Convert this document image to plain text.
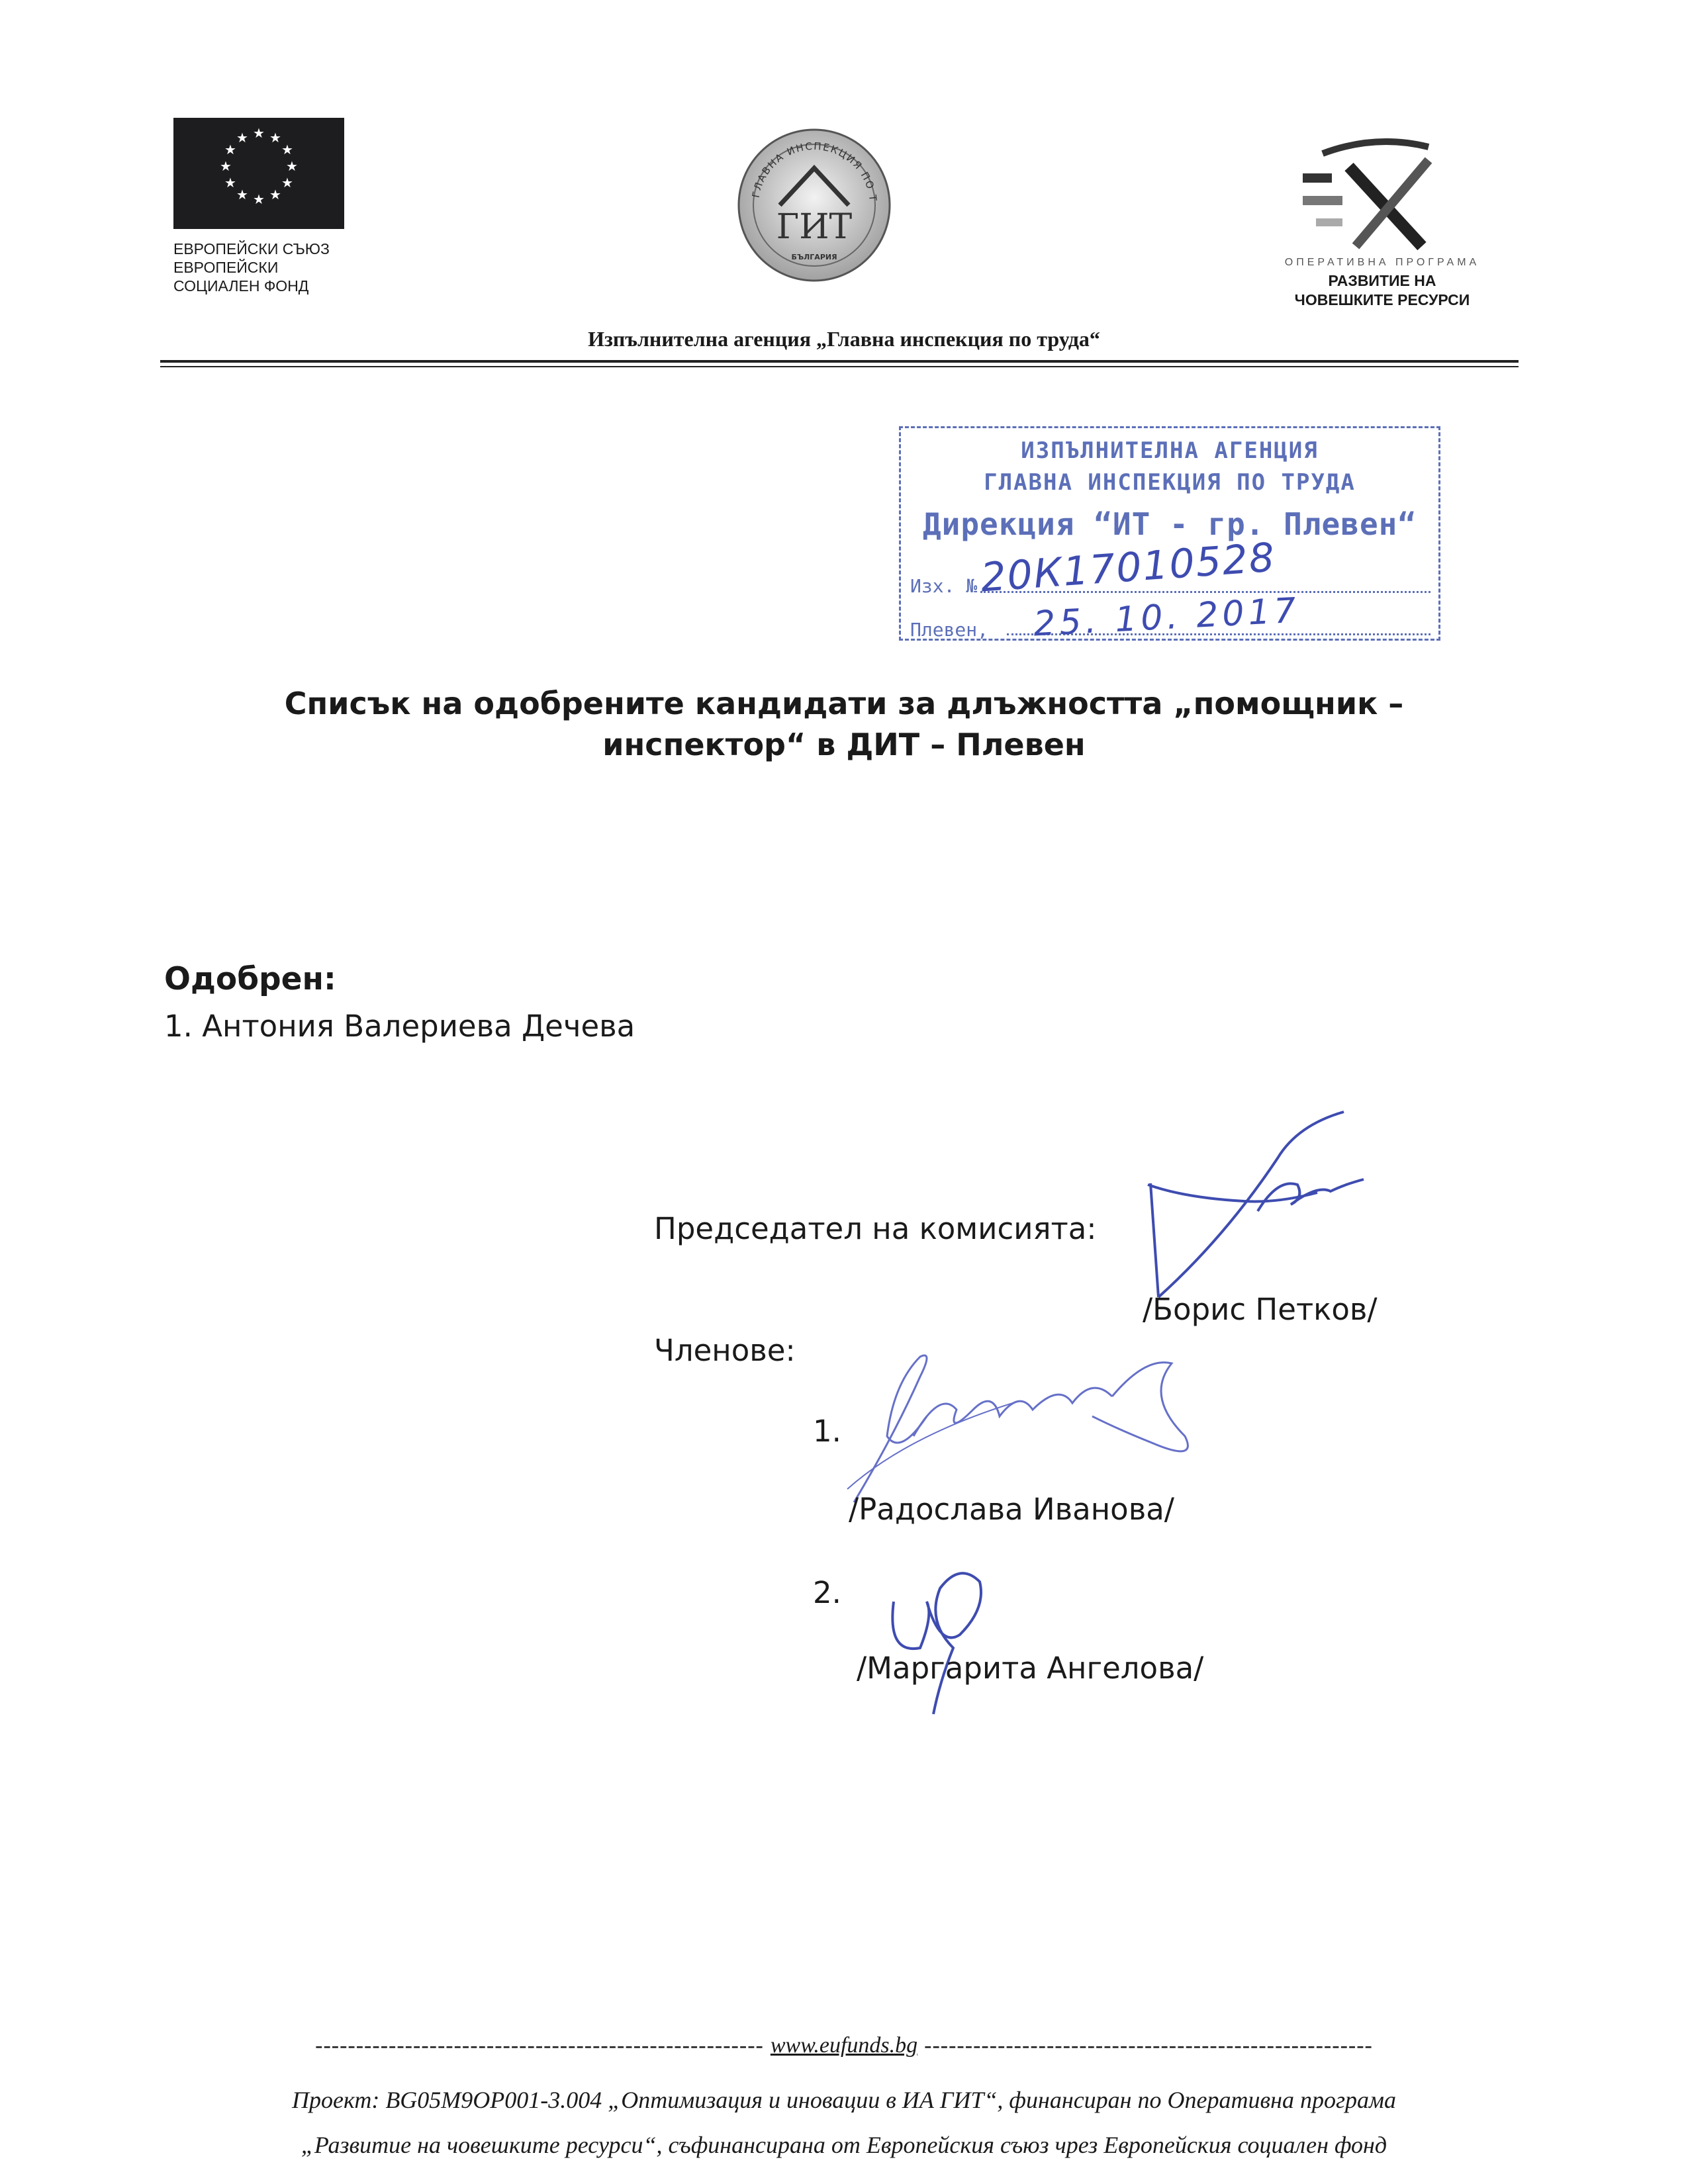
★ ★
★
★
★
★
★
★
★
★
★
★
ЕВРОПЕЙСКИ СЪЮЗ
ЕВРОПЕЙСКИ
СОЦИАЛЕН ФОНД
ГЛАВНА ИНСПЕКЦИЯ ПО Т
ГИТ
БЪЛГАРИЯ	ОПЕРАТИВНА ПРОГРАМА
РАЗВИТИЕ НА
ЧОВЕШКИТЕ РЕСУРСИ
Изпълнителна агенция „Главна инспекция по труда“
ИЗПЪЛНИТЕЛНА АГЕНЦИЯ
ГЛАВНА ИНСПЕКЦИЯ ПО ТРУДА
Дирекция “ИТ - гр. Плевен“
Изх. № 20К17010528
Плевен, 25. 10. 2017
Списък на одобрените кандидати за длъжността „помощник –
инспектор“ в ДИТ – Плевен
Одобрен:
1. Антония Валериева Дечева
Председател на комисията:
/Борис Петков/
Членове:
1.
/Радослава Иванова/
2.
/Маргарита Ангелова/
------------------------------------------------------- www.eufunds.bg -------------------------------------------------------
Проект: BG05M9OP001-3.004 „Оптимизация и иновации в ИА ГИТ“, финансиран по Оперативна програма
„Развитие на човешките ресурси“, съфинансирана от Европейския съюз чрез Европейския социален фонд
